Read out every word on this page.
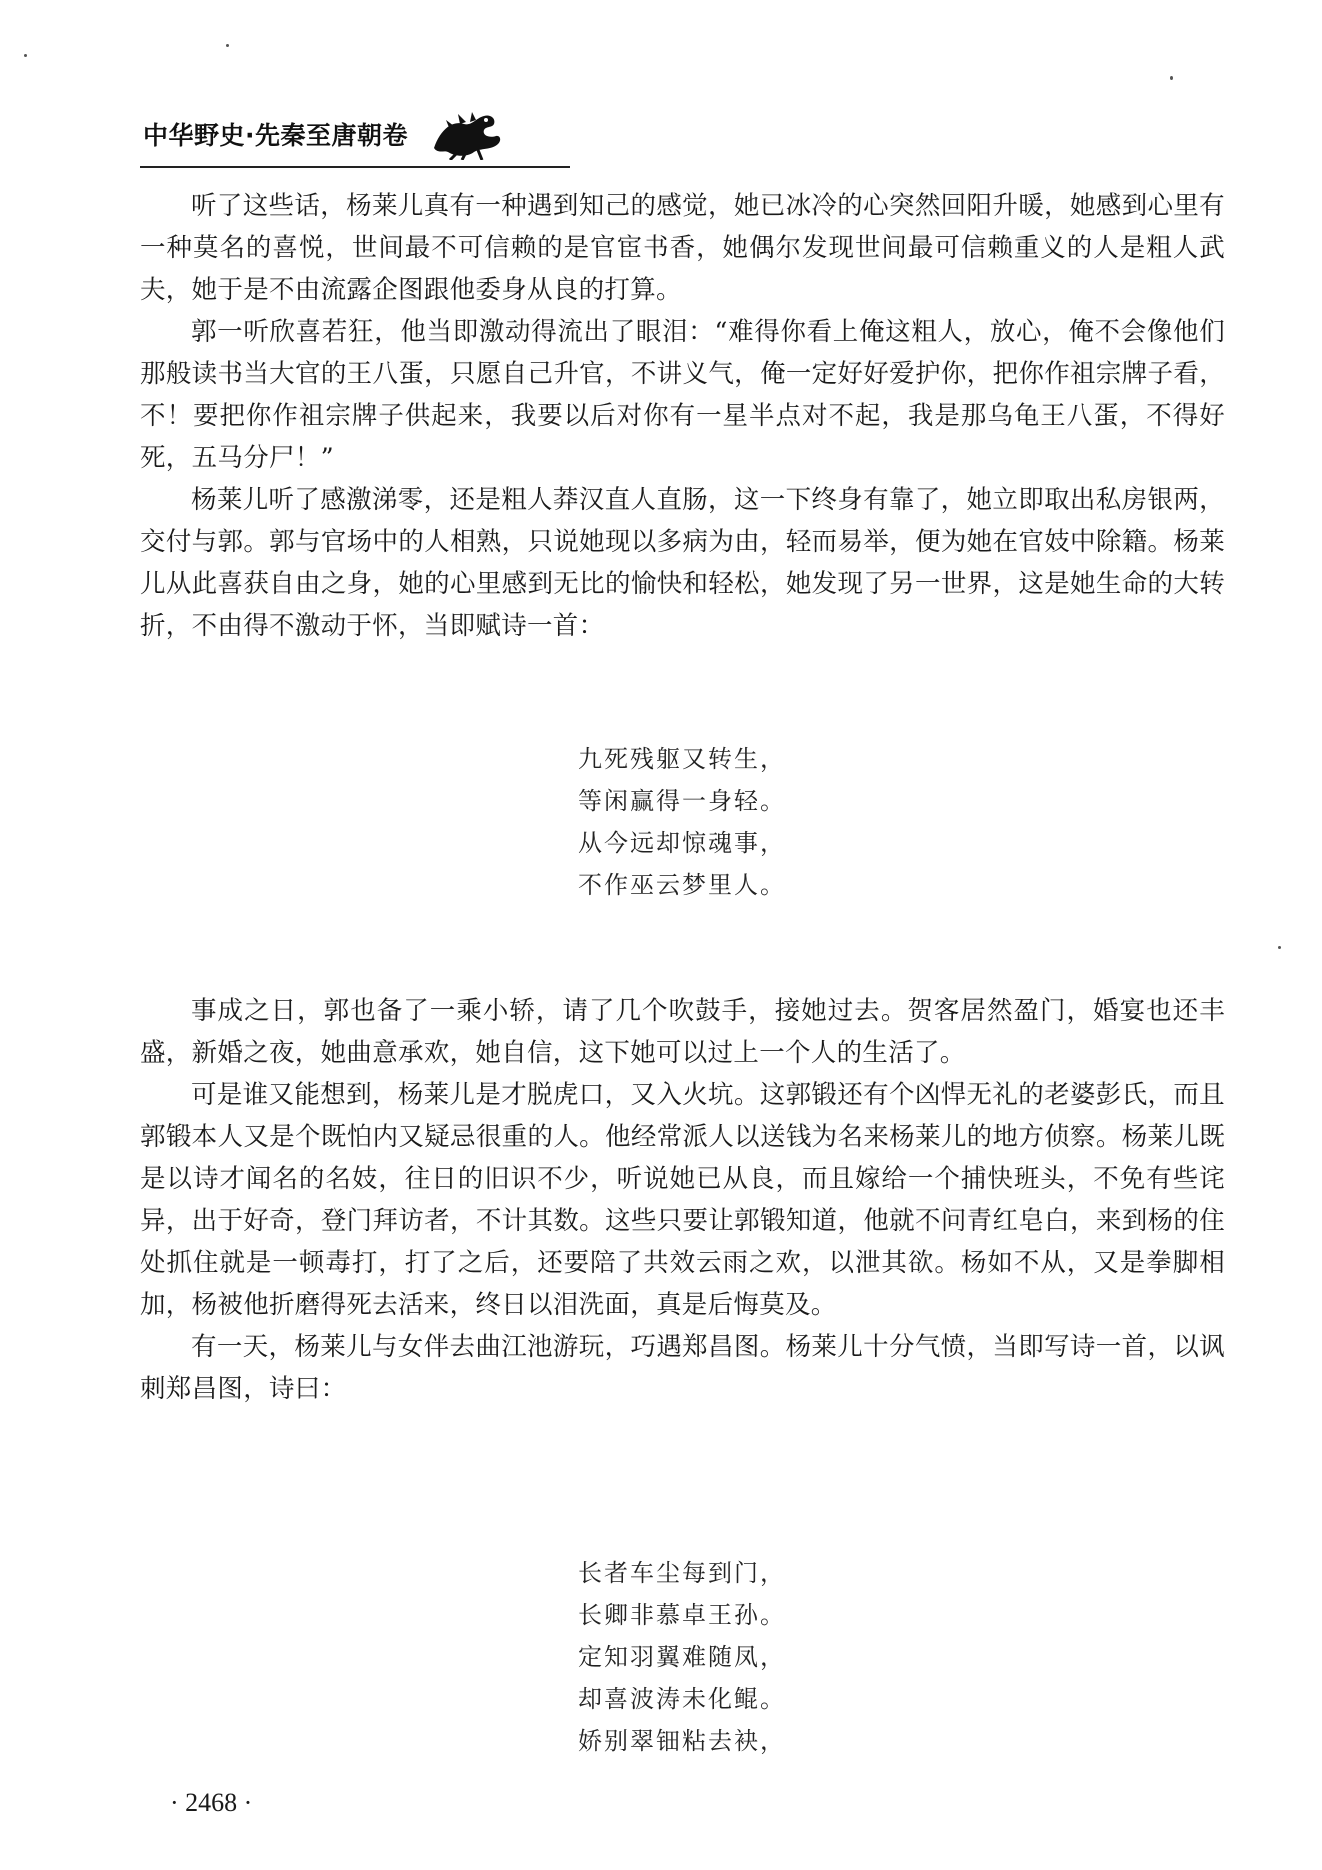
中华野史·先秦至唐朝卷

听了这些话，杨莱儿真有一种遇到知己的感觉，她已冰冷的心突然回阳升暖，她感到心里有一种莫名的喜悦，世间最不可信赖的是官宦书香，她偶尔发现世间最可信赖重义的人是粗人武夫，她于是不由流露企图跟他委身从良的打算。

郭一听欣喜若狂，他当即激动得流出了眼泪：“难得你看上俺这粗人，放心，俺不会像他们那般读书当大官的王八蛋，只愿自己升官，不讲义气，俺一定好好爱护你，把你作祖宗牌子看，不！要把你作祖宗牌子供起来，我要以后对你有一星半点对不起，我是那乌龟王八蛋，不得好死，五马分尸！”

杨莱儿听了感激涕零，还是粗人莽汉直人直肠，这一下终身有靠了，她立即取出私房银两，交付与郭。郭与官场中的人相熟，只说她现以多病为由，轻而易举，便为她在官妓中除籍。杨莱儿从此喜获自由之身，她的心里感到无比的愉快和轻松，她发现了另一世界，这是她生命的大转折，不由得不激动于怀，当即赋诗一首：

九死残躯又转生，
等闲赢得一身轻。
从今远却惊魂事，
不作巫云梦里人。

事成之日，郭也备了一乘小轿，请了几个吹鼓手，接她过去。贺客居然盈门，婚宴也还丰盛，新婚之夜，她曲意承欢，她自信，这下她可以过上一个人的生活了。

可是谁又能想到，杨莱儿是才脱虎口，又入火坑。这郭锻还有个凶悍无礼的老婆彭氏，而且郭锻本人又是个既怕内又疑忌很重的人。他经常派人以送钱为名来杨莱儿的地方侦察。杨莱儿既是以诗才闻名的名妓，往日的旧识不少，听说她已从良，而且嫁给一个捕快班头，不免有些诧异，出于好奇，登门拜访者，不计其数。这些只要让郭锻知道，他就不问青红皂白，来到杨的住处抓住就是一顿毒打，打了之后，还要陪了共效云雨之欢，以泄其欲。杨如不从，又是拳脚相加，杨被他折磨得死去活来，终日以泪洗面，真是后悔莫及。

有一天，杨莱儿与女伴去曲江池游玩，巧遇郑昌图。杨莱儿十分气愤，当即写诗一首，以讽刺郑昌图，诗曰：

长者车尘每到门，
长卿非慕卓王孙。
定知羽翼难随凤，
却喜波涛未化鲲。
娇别翠钿粘去袂，
· 2468 ·
